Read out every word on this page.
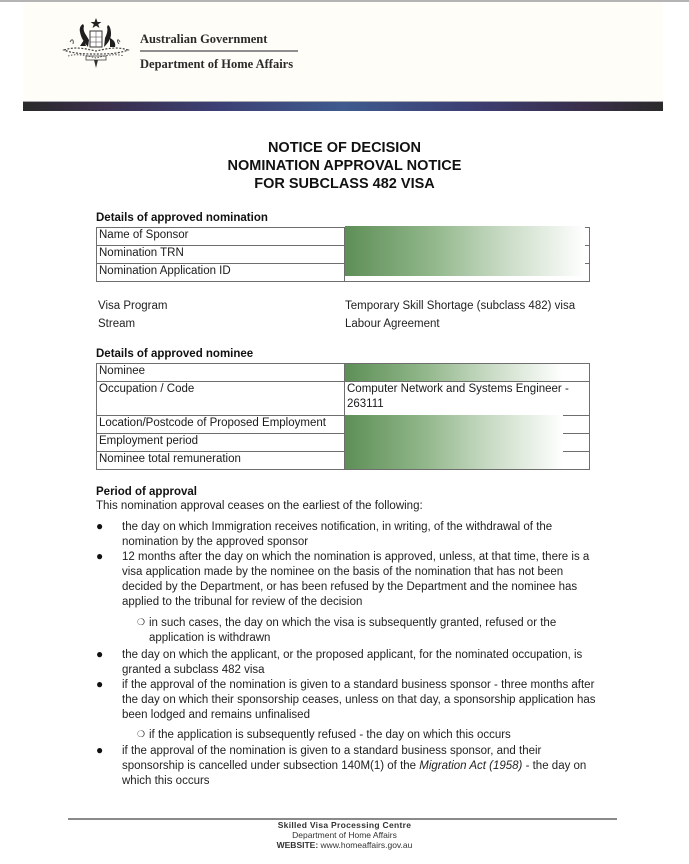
Australian Government
Department of Home Affairs
NOTICE OF DECISION
NOMINATION APPROVAL NOTICE
FOR SUBCLASS 482 VISA
Details of approved nomination
Name of Sponsor	
Nomination TRN	
Nomination Application ID	
Visa Program	Temporary Skill Shortage (subclass 482) visa
Stream	Labour Agreement
Details of approved nominee
Nominee	
Occupation / Code	Computer Network and Systems Engineer - 263111
Location/Postcode of Proposed Employment	
Employment period	
Nominee total remuneration	
Period of approval
This nomination approval ceases on the earliest of the following:
● the day on which Immigration receives notification, in writing, of the withdrawal of the nomination by the approved sponsor
● 12 months after the day on which the nomination is approved, unless, at that time, there is a visa application made by the nominee on the basis of the nomination that has not been decided by the Department, or has been refused by the Department and the nominee has applied to the tribunal for review of the decision
❍ in such cases, the day on which the visa is subsequently granted, refused or the application is withdrawn
● the day on which the applicant, or the proposed applicant, for the nominated occupation, is granted a subclass 482 visa
● if the approval of the nomination is given to a standard business sponsor - three months after the day on which their sponsorship ceases, unless on that day, a sponsorship application has been lodged and remains unfinalised
❍ if the application is subsequently refused - the day on which this occurs
● if the approval of the nomination is given to a standard business sponsor, and their sponsorship is cancelled under subsection 140M(1) of the Migration Act (1958) - the day on which this occurs
Skilled Visa Processing Centre
Department of Home Affairs
WEBSITE: www.homeaffairs.gov.au
